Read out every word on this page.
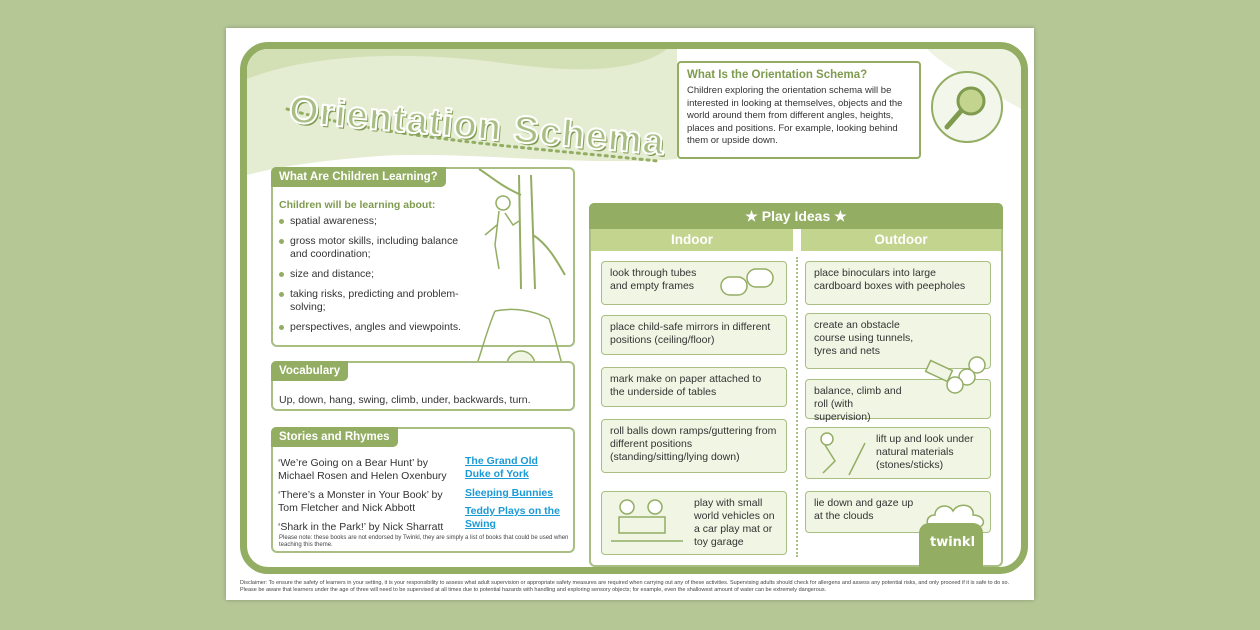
Orientation Schema
What Is the Orientation Schema?

Children exploring the orientation schema will be interested in looking at themselves, objects and the world around them from different angles, heights, places and positions. For example, looking behind them or upside down.

What Are Children Learning?
Children will be learning about:
spatial awareness;
gross motor skills, including balance and coordination;
size and distance;
taking risks, predicting and problem-solving;
perspectives, angles and viewpoints.
Vocabulary
Up, down, hang, swing, climb, under, backwards, turn.
Stories and Rhymes
‘We’re Going on a Bear Hunt’ by Michael Rosen and Helen Oxenbury
‘There’s a Monster in Your Book’ by Tom Fletcher and Nick Abbott
‘Shark in the Park!’ by Nick Sharratt
The Grand Old Duke of York
Sleeping Bunnies
Teddy Plays on the Swing
Please note: these books are not endorsed by Twinkl, they are simply a list of books that could be used when teaching this theme.
★ Play Ideas ★
Indoor	Outdoor
look through tubes and empty frames
place child-safe mirrors in different positions (ceiling/floor)
mark make on paper attached to the underside of tables
roll balls down ramps/guttering from different positions (standing/sitting/lying down)
play with small world vehicles on a car play mat or toy garage
place binoculars into large cardboard boxes with peepholes
create an obstacle course using tunnels, tyres and nets
balance, climb and roll (with supervision)
lift up and look under natural materials (stones/sticks)
lie down and gaze up at the clouds
twinkl
Disclaimer: To ensure the safety of learners in your setting, it is your responsibility to assess what adult supervision or appropriate safety measures are required when carrying out any of these activities. Supervising adults should check for allergens and assess any potential risks, and only proceed if it is safe to do so. Please be aware that learners under the age of three will need to be supervised at all times due to potential hazards with handling and exploring sensory objects; for example, even the shallowest amount of water can be extremely dangerous.
